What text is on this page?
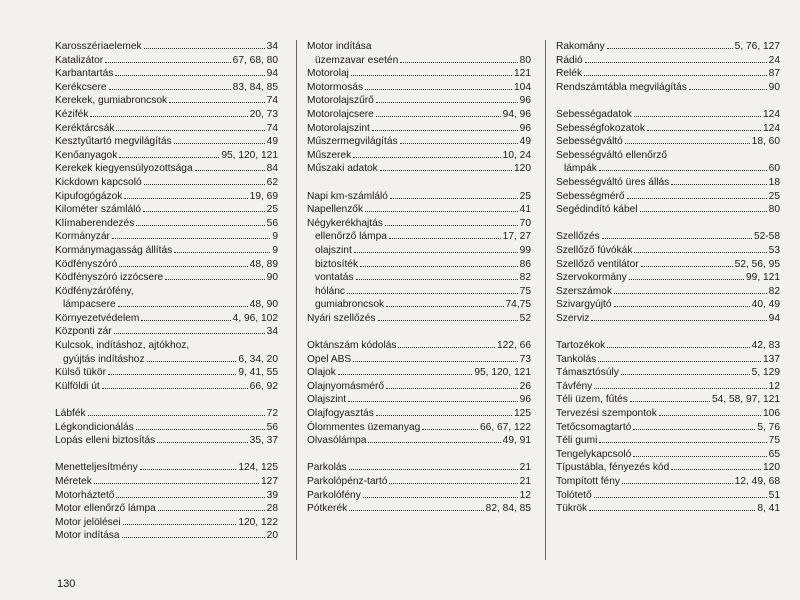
Karosszériaelemek	34
Katalizátor	67, 68, 80
Karbantartás	94
Kerékcsere	83, 84, 85
Kerekek, gumiabroncsok	74
Kézifék	20, 73
Keréktárcsák	74
Kesztyűtartó megvilágítás	49
Kenőanyagok	95, 120, 121
Kerekek kiegyensúlyozottsága	84
Kickdown kapcsoló	62
Kipufogógázok	19, 69
Kilométer számláló	25
Klímaberendezés	56
Kormányzár	9
Kormánymagasság állítás	9
Ködfényszóró	48, 89
Ködfényszóró izzócsere	90
Ködfényzárófény,
lámpacsere	48, 90
Környezetvédelem	4, 96, 102
Központi zár	34
Kulcsok, indításhoz, ajtókhoz,
gyújtás indításhoz	6, 34, 20
Külső tükör	9, 41, 55
Külföldi út	66, 92
Lábfék	72
Légkondicionálás	56
Lopás elleni biztosítás	35, 37
Menetteljesítmény	124, 125
Méretek	127
Motorháztető	39
Motor ellenőrző lámpa	28
Motor jelölései	120, 122
Motor indítása	20
Motor indítása
üzemzavar esetén	80
Motorolaj	121
Motormosás	104
Motorolajszűrő	96
Motorolajcsere	94, 96
Motorolajszint	96
Műszermegvilágítás	49
Műszerek	10, 24
Műszaki adatok	120
Napi km-számláló	25
Napellenzők	41
Négykerékhajtás	70
ellenőrző lámpa	17, 27
olajszint	99
biztosíték	86
vontatás	82
hólánc	75
gumiabroncsok	74,75
Nyári szellőzés	52
Oktánszám kódolás	122, 66
Opel ABS	73
Olajok	95, 120, 121
Olajnyomásmérő	26
Olajszint	96
Olajfogyasztás	125
Ólommentes üzemanyag	66, 67, 122
Olvasólámpa	49, 91
Parkolás	21
Parkolópénz-tartó	21
Parkolófény	12
Pótkerék	82, 84, 85
Rakomány	5, 76, 127
Rádió	24
Relék	87
Rendszámtábla megvilágítás	90
Sebességadatok	124
Sebességfokozatok	124
Sebességváltó	18, 60
Sebességváltó ellenőrző
lámpák	60
Sebességváltó üres állás	18
Sebességmérő	25
Segédindító kábel	80
Szellőzés	52-58
Szellőző fúvókák	53
Szellőző ventilátor	52, 56, 95
Szervokormány	99, 121
Szerszámok	82
Szivargyújtó	40, 49
Szerviz	94
Tartozékok	42, 83
Tankolás	137
Támasztósúly	5, 129
Távfény	12
Téli üzem, fűtés	54, 58, 97, 121
Tervezési szempontok	106
Tetőcsomagtartó	5, 76
Téli gumi	75
Tengelykapcsoló	65
Típustábla, fényezés kód	120
Tompított fény	12, 49, 68
Tolótető	51
Tükrök	8, 41
130
